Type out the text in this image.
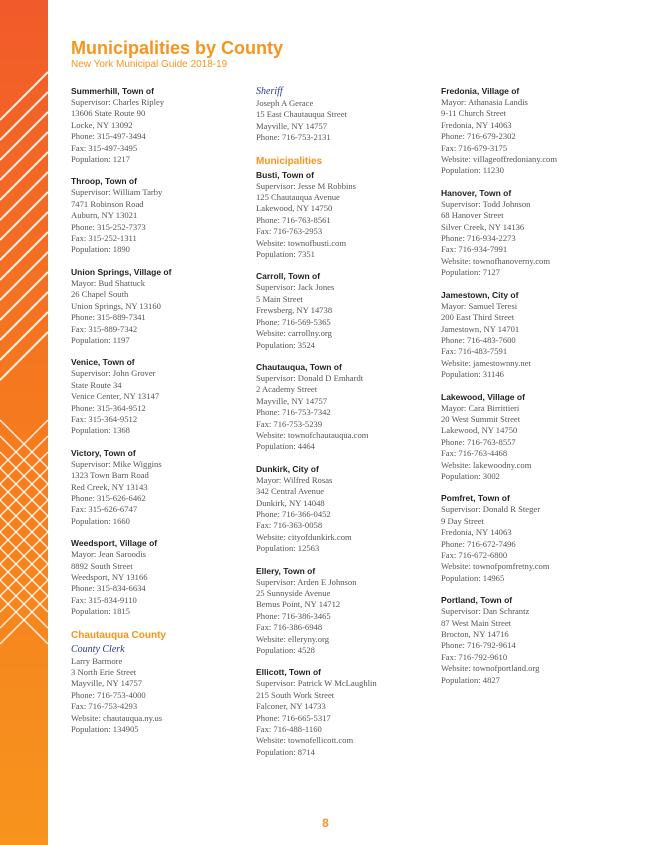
Municipalities by County
New York Municipal Guide 2018-19
Summerhill, Town of
Supervisor: Charles Ripley
13606 State Route 90
Locke, NY 13092
Phone: 315-497-3494
Fax: 315-497-3495
Population: 1217
Throop, Town of
Supervisor: William Tarby
7471 Robinson Road
Auburn, NY 13021
Phone: 315-252-7373
Fax: 315-252-1311
Population: 1890
Union Springs, Village of
Mayor: Bud Shattuck
26 Chapel South
Union Springs, NY 13160
Phone: 315-889-7341
Fax: 315-889-7342
Population: 1197
Venice, Town of
Supervisor: John Grover
State Route 34
Venice Center, NY 13147
Phone: 315-364-9512
Fax: 315-364-9512
Population: 1368
Victory, Town of
Supervisor: Mike Wiggins
1323 Town Barn Road
Red Creek, NY 13143
Phone: 315-626-6462
Fax: 315-626-6747
Population: 1660
Weedsport, Village of
Mayor: Jean Saroodis
8892 South Street
Weedsport, NY 13166
Phone: 315-834-6634
Fax: 315-834-9110
Population: 1815
Chautauqua County
County Clerk
Larry Barmore
3 North Erie Street
Mayville, NY 14757
Phone: 716-753-4000
Fax: 716-753-4293
Website: chautauqua.ny.us
Population: 134905
Sheriff
Joseph A Gerace
15 East Chautauqua Street
Mayville, NY 14757
Phone: 716-753-2131
Municipalities
Busti, Town of
Supervisor: Jesse M Robbins
125 Chautauqua Avenue
Lakewood, NY 14750
Phone: 716-763-8561
Fax: 716-763-2953
Website: townofbusti.com
Population: 7351
Carroll, Town of
Supervisor: Jack Jones
5 Main Street
Frewsberg, NY 14738
Phone: 716-569-5365
Website: carrollny.org
Population: 3524
Chautauqua, Town of
Supervisor: Donald D Emhardt
2 Academy Street
Mayville, NY 14757
Phone: 716-753-7342
Fax: 716-753-5239
Website: townofchautauqua.com
Population: 4464
Dunkirk, City of
Mayor: Wilfred Rosas
342 Central Avenue
Dunkirk, NY 14048
Phone: 716-366-0452
Fax: 716-363-0058
Website: cityofdunkirk.com
Population: 12563
Ellery, Town of
Supervisor: Arden E Johnson
25 Sunnyside Avenue
Bemus Point, NY 14712
Phone: 716-386-3465
Fax: 716-386-6948
Website: elleryny.org
Population: 4528
Ellicott, Town of
Supervisor: Patrick W McLaughlin
215 South Work Street
Falconer, NY 14733
Phone: 716-665-5317
Fax: 716-488-1160
Website: townofellicott.com
Population: 8714
Fredonia, Village of
Mayor: Athanasia Landis
9-11 Church Street
Fredonia, NY 14063
Phone: 716-679-2302
Fax: 716-679-3175
Website: villageoffredoniany.com
Population: 11230
Hanover, Town of
Supervisor: Todd Johnson
68 Hanover Street
Silver Creek, NY 14136
Phone: 716-934-2273
Fax: 716-934-7991
Website: townofhanoverny.com
Population: 7127
Jamestown, City of
Mayor: Samuel Teresi
200 East Third Street
Jamestown, NY 14701
Phone: 716-483-7600
Fax: 716-483-7591
Website: jamestownny.net
Population: 31146
Lakewood, Village of
Mayor: Cara Birrittieri
20 West Summit Street
Lakewood, NY 14750
Phone: 716-763-8557
Fax: 716-763-4468
Website: lakewoodny.com
Population: 3002
Pomfret, Town of
Supervisor: Donald R Steger
9 Day Street
Fredonia, NY 14063
Phone: 716-672-7496
Fax: 716-672-6800
Website: townofpomfretny.com
Population: 14965
Portland, Town of
Supervisor: Dan Schrantz
87 West Main Street
Brocton, NY 14716
Phone: 716-792-9614
Fax: 716-792-9610
Website: townofportland.org
Population: 4827
8
